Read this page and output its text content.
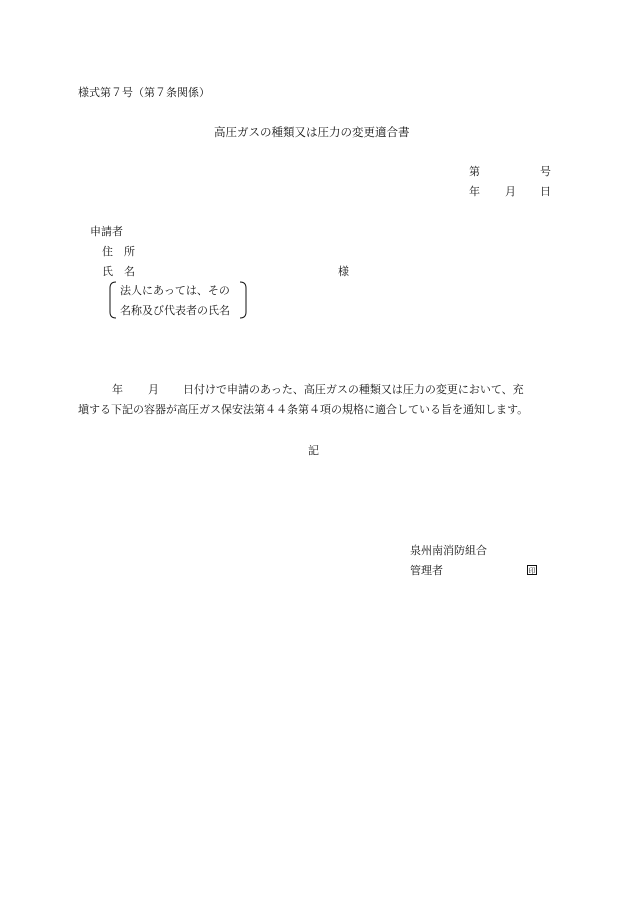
様式第７号（第７条関係）
高圧ガスの種類又は圧力の変更適合書
第	号
年 月 日
申請者
住　所
氏　名	様
法人にあっては、その
名称及び代表者の氏名
年 月 日付けで申請のあった、高圧ガスの種類又は圧力の変更において、充
塡する下記の容器が高圧ガス保安法第４４条第４項の規格に適合している旨を通知します。
記
泉州南消防組合
管理者	印
